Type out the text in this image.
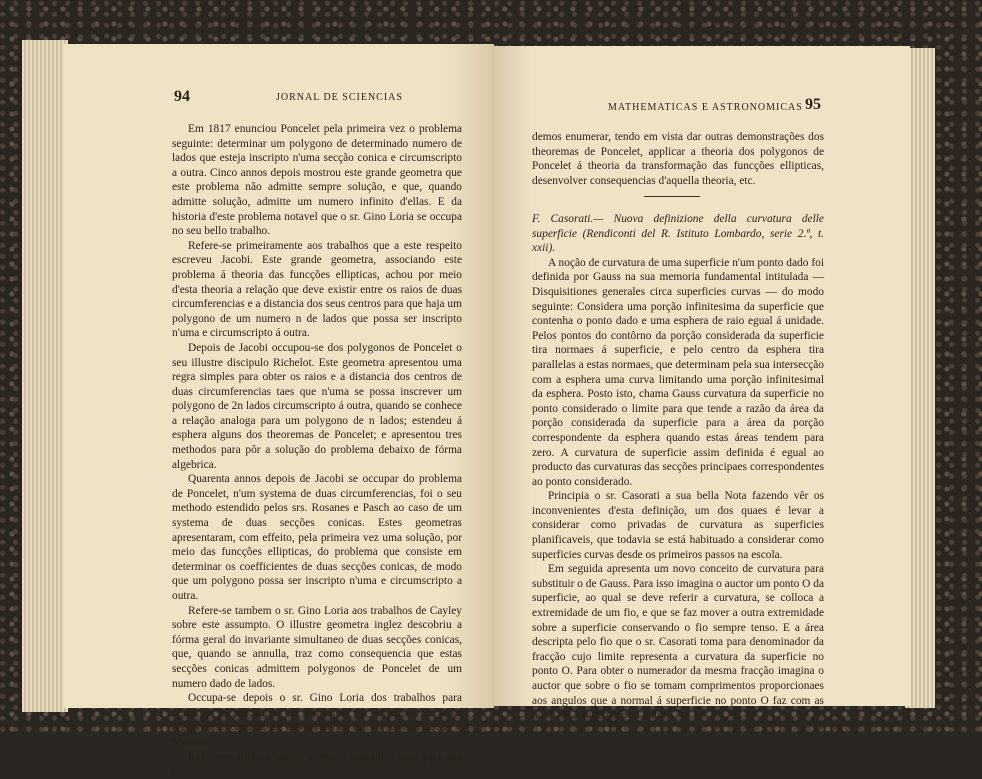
94	JORNAL DE SCIENCIAS

Em 1817 enunciou Poncelet pela primeira vez o problema seguinte: determinar um polygono de determinado numero de lados que esteja inscripto n'uma secção conica e circumscripto a outra. Cinco annos depois mostrou este grande geometra que este problema não admitte sempre solução, e que, quando admitte solução, admitte um numero infinito d'ellas. E da historia d'este problema notavel que o sr. Gino Loria se occupa no seu bello trabalho.

Refere-se primeiramente aos trabalhos que a este respeito escreveu Jacobi. Este grande geometra, associando este problema á theoria das funcções ellipticas, achou por meio d'esta theoria a relação que deve existir entre os raios de duas circumferencias e a distancia dos seus centros para que haja um polygono de um numero n de lados que possa ser inscripto n'uma e circumscripto á outra.

Depois de Jacobi occupou-se dos polygonos de Poncelet o seu illustre discipulo Richelot. Este geometra apresentou uma regra simples para obter os raios e a distancia dos centros de duas circumferencias taes que n'uma se possa inscrever um polygono de 2n lados circumscripto á outra, quando se conhece a relação analoga para um polygono de n lados; estendeu á esphera alguns dos theoremas de Poncelet; e apresentou tres methodos para pôr a solução do problema debaixo de fórma algebrica.

Quarenta annos depois de Jacobi se occupar do problema de Poncelet, n'um systema de duas circumferencias, foi o seu methodo estendido pelos srs. Rosanes e Pasch ao caso de um systema de duas secções conicas. Estes geometras apresentaram, com effeito, pela primeira vez uma solução, por meio das funcções ellipticas, do problema que consiste em determinar os coefficientes de duas secções conicas, de modo que um polygono possa ser inscripto n'uma e circumscripto a outra.

Refere-se tambem o sr. Gino Loria aos trabalhos de Cayley sobre este assumpto. O illustre geometra inglez descobriu a fórma geral do invariante simultaneo de duas secções conicas, que, quando se annulla, traz como consequencia que estas secções conicas admittem polygonos de Poncelet de um numero dado de lados.

Occupa-se depois o sr. Gino Loria dos trabalhos para resolver o problema de Poncelet por meios puramente algebricos, referindo-se aos trabalhos de Mention, Puiseux e Moutard.

Refere-se ainda o auctor a muitos trabalhos, que aqui não po-

MATHEMATICAS E ASTRONOMICAS 95

demos enumerar, tendo em vista dar outras demonstrações dos theoremas de Poncelet, applicar a theoria dos polygonos de Poncelet á theoria da transformação das funcções ellipticas, desenvolver consequencias d'aquella theoria, etc.

F. Casorati.— Nuova definizione della curvatura delle superficie (Rendiconti del R. Istituto Lombardo, serie 2.ª, t. xxii).

A noção de curvatura de uma superficie n'um ponto dado foi definida por Gauss na sua memoria fundamental intitulada — Disquisitiones generales circa superficies curvas — do modo seguinte: Considera uma porção infinitesima da superficie que contenha o ponto dado e uma esphera de raio egual á unidade. Pelos pontos do contôrno da porção considerada da superficie tira normaes á superficie, e pelo centro da esphera tira parallelas a estas normaes, que determinam pela sua intersecção com a esphera uma curva limitando uma porção infinitesimal da esphera. Posto isto, chama Gauss curvatura da superficie no ponto considerado o limite para que tende a razão da área da porção considerada da superficie para a área da porção correspondente da esphera quando estas áreas tendem para zero. A curvatura de superficie assim definida é egual ao producto das curvaturas das secções principaes correspondentes ao ponto considerado.

Principia o sr. Casorati a sua bella Nota fazendo vêr os inconvenientes d'esta definição, um dos quaes é levar a considerar como privadas de curvatura as superficies planificaveis, que todavia se está habituado a considerar como superficies curvas desde os primeiros passos na escola.

Em seguida apresenta um novo conceito de curvatura para substituir o de Gauss. Para isso imagina o auctor um ponto O da superficie, ao qual se deve referir a curvatura, se colloca a extremidade de um fio, e que se faz mover a outra extremidade sobre a superficie conservando o fio sempre tenso. E a área descripta pelo fio que o sr. Casorati toma para denominador da fracção cujo limite representa a curvatura da superficie no ponto O. Para obter o numerador da mesma fracção imagina o auctor que sobre o fio se tomam comprimentos proporcionaes aos angulos que a normal á superficie no ponto O faz com as normaes á superficie na outra
